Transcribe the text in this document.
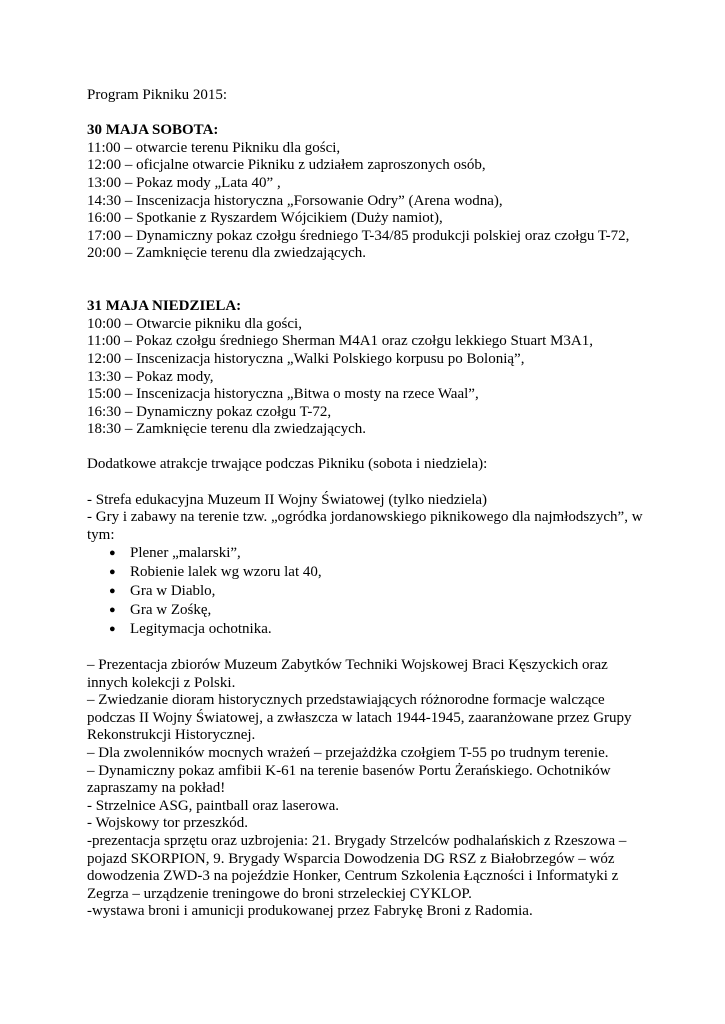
Program Pikniku 2015:

30 MAJA SOBOTA:

11:00 – otwarcie terenu Pikniku dla gości,

12:00 – oficjalne otwarcie Pikniku z udziałem zaproszonych osób,

13:00 – Pokaz mody „Lata 40” ,

14:30 – Inscenizacja historyczna „Forsowanie Odry” (Arena wodna),

16:00 – Spotkanie z Ryszardem Wójcikiem (Duży namiot),

17:00 – Dynamiczny pokaz czołgu średniego T-34/85 produkcji polskiej oraz czołgu T-72,

20:00 – Zamknięcie terenu dla zwiedzających.

31 MAJA NIEDZIELA:

10:00 – Otwarcie pikniku dla gości,

11:00 – Pokaz czołgu średniego Sherman M4A1 oraz czołgu lekkiego Stuart M3A1,

12:00 – Inscenizacja historyczna „Walki Polskiego korpusu po Bolonią”,

13:30 – Pokaz mody,

15:00 – Inscenizacja historyczna „Bitwa o mosty na rzece Waal”,

16:30 – Dynamiczny pokaz czołgu T-72,

18:30 – Zamknięcie terenu dla zwiedzających.

Dodatkowe atrakcje trwające podczas Pikniku (sobota i niedziela):

- Strefa edukacyjna Muzeum II Wojny Światowej (tylko niedziela)

- Gry i zabawy na terenie tzw. „ogródka jordanowskiego piknikowego dla najmłodszych”, w

tym:

● Plener „malarski”,
● Robienie lalek wg wzoru lat 40,
● Gra w Diablo,
● Gra w Zośkę,
● Legitymacja ochotnika.

– Prezentacja zbiorów Muzeum Zabytków Techniki Wojskowej Braci Kęszyckich oraz

innych kolekcji z Polski.

– Zwiedzanie dioram historycznych przedstawiających różnorodne formacje walczące

podczas II Wojny Światowej, a zwłaszcza w latach 1944-1945, zaaranżowane przez Grupy

Rekonstrukcji Historycznej.

– Dla zwolenników mocnych wrażeń – przejażdżka czołgiem T-55 po trudnym terenie.

– Dynamiczny pokaz amfibii K-61 na terenie basenów Portu Żerańskiego. Ochotników

zapraszamy na pokład!

- Strzelnice ASG, paintball oraz laserowa.

- Wojskowy tor przeszkód.

-prezentacja sprzętu oraz uzbrojenia: 21. Brygady Strzelców podhalańskich z Rzeszowa –

pojazd SKORPION, 9. Brygady Wsparcia Dowodzenia DG RSZ z Białobrzegów – wóz

dowodzenia ZWD-3 na pojeździe Honker, Centrum Szkolenia Łączności i Informatyki z

Zegrza – urządzenie treningowe do broni strzeleckiej CYKLOP.

-wystawa broni i amunicji produkowanej przez Fabrykę Broni z Radomia.
